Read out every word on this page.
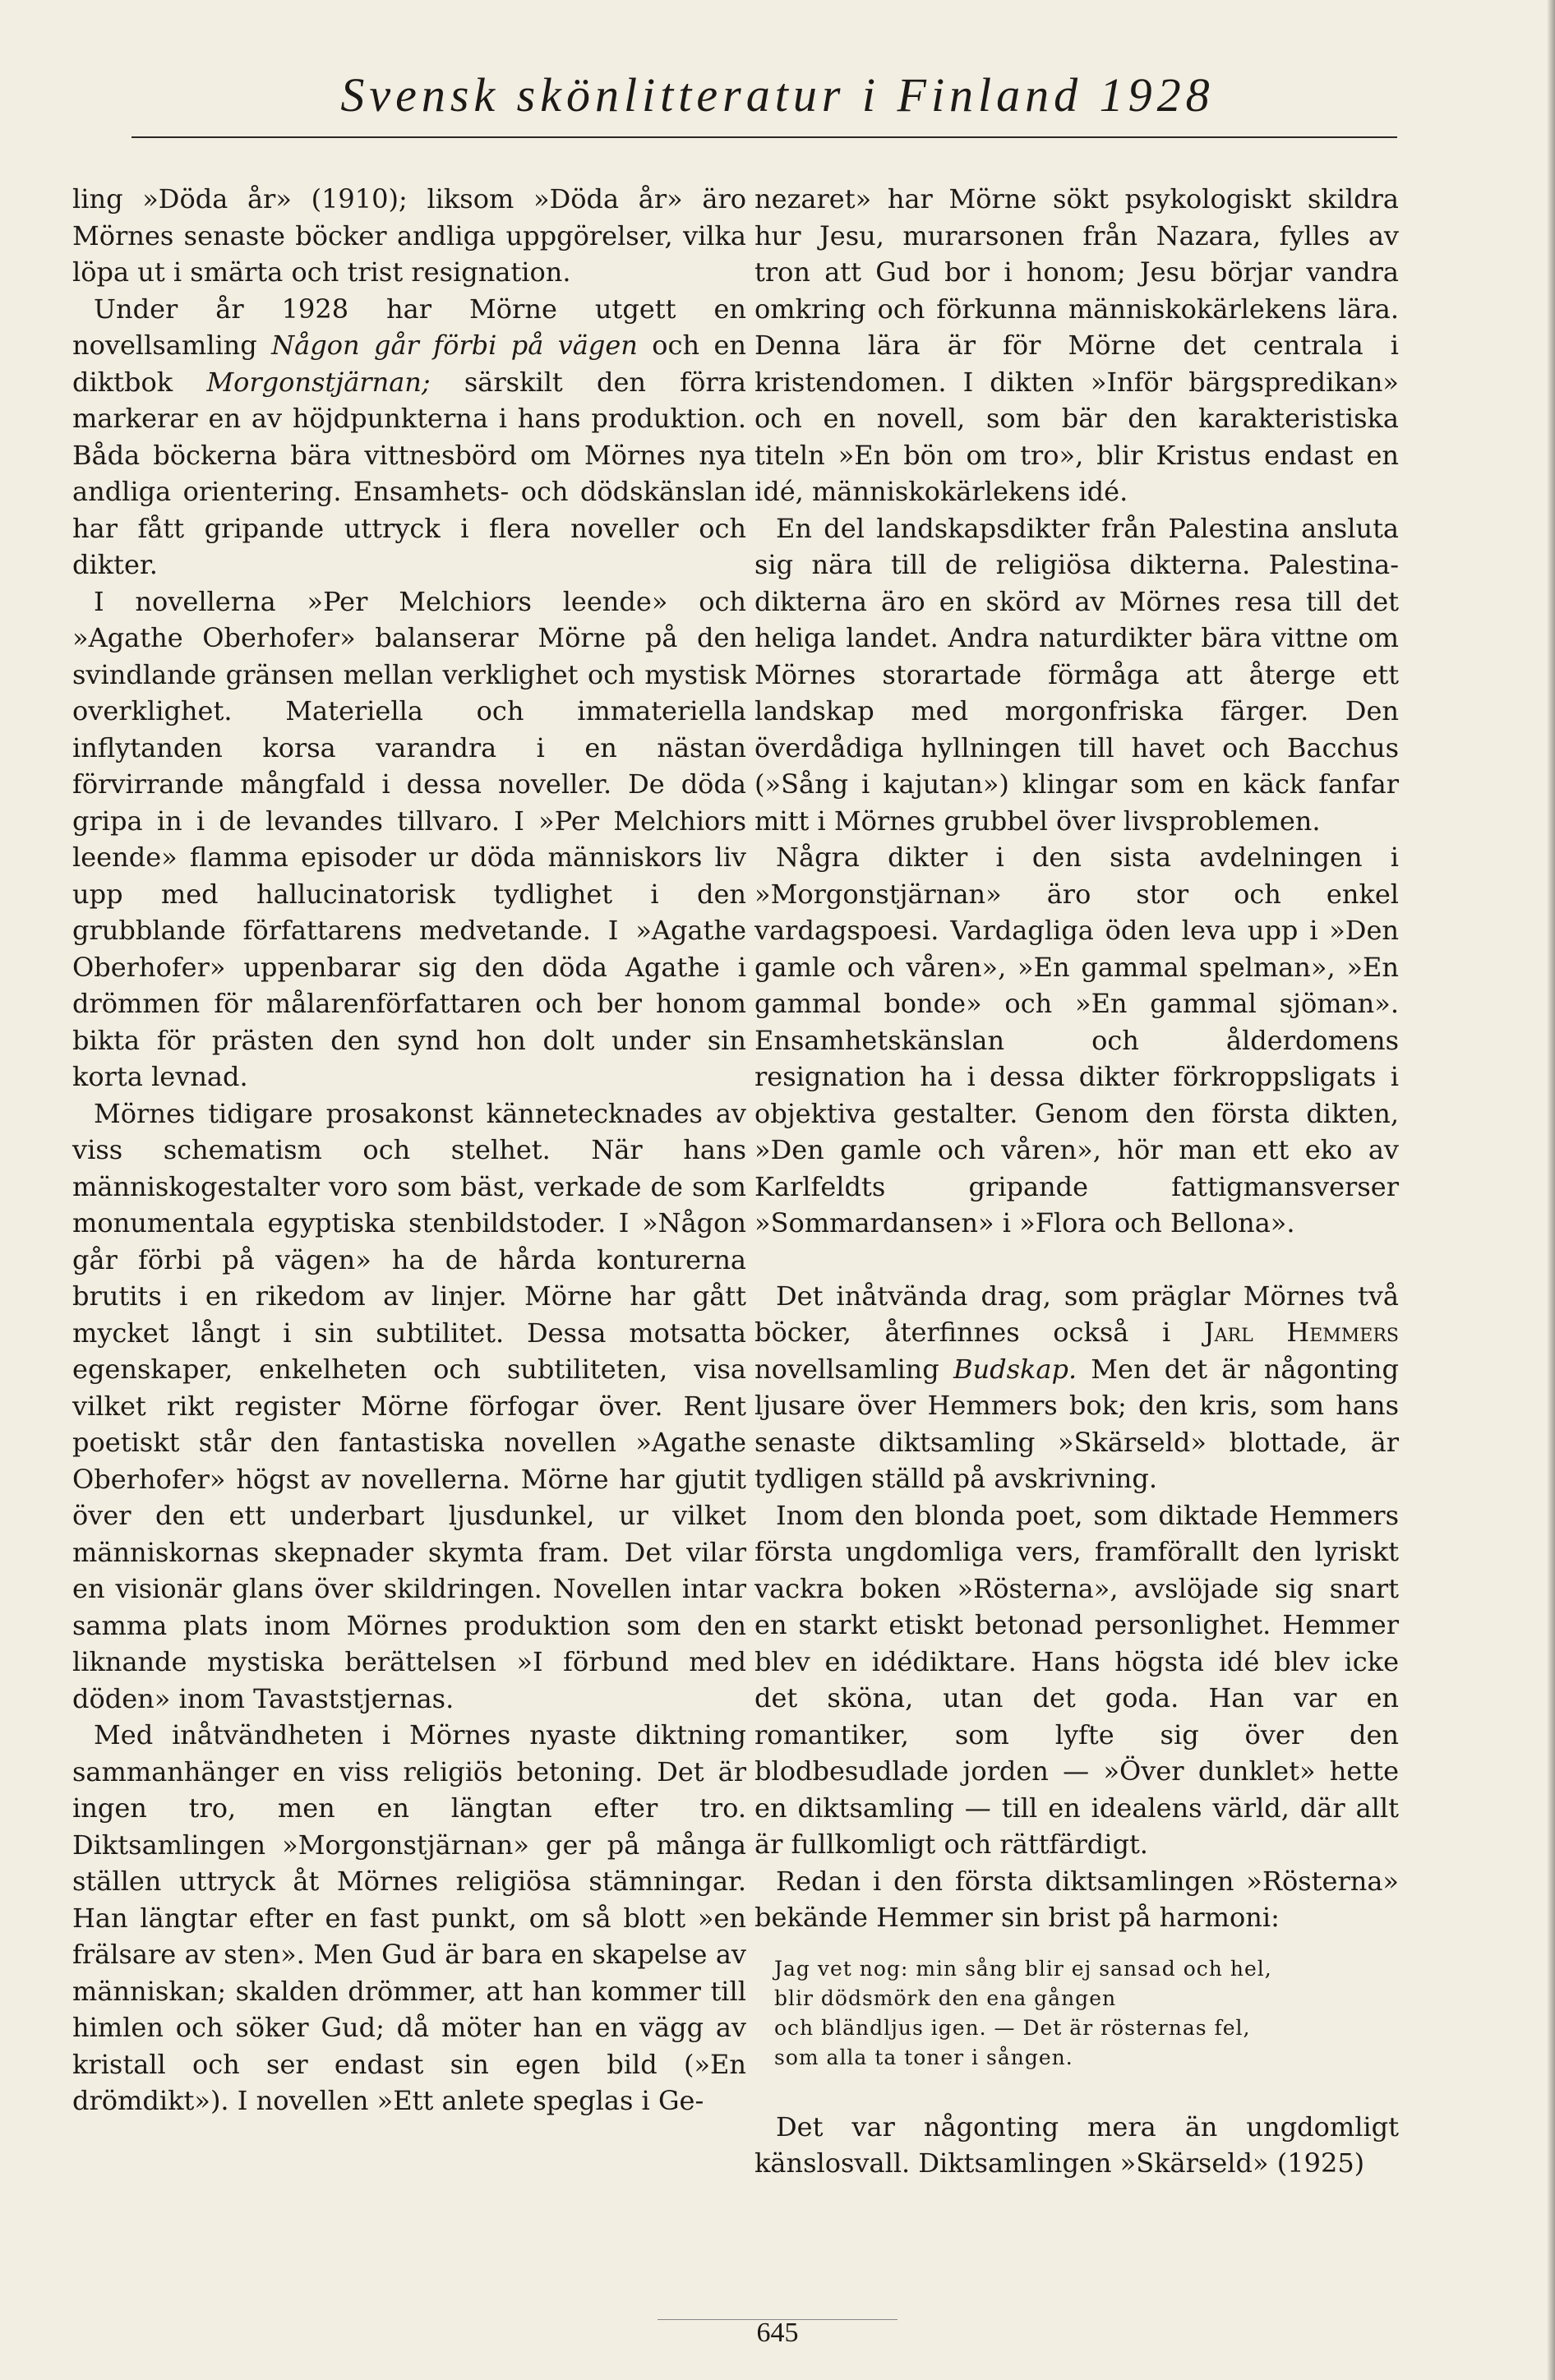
Svensk skönlitteratur i Finland 1928

ling »Döda år» (1910); liksom »Döda år» äro Mörnes senaste böcker andliga uppgörelser, vilka löpa ut i smärta och trist resignation.

Under år 1928 har Mörne utgett en novellsamling Någon går förbi på vägen och en diktbok Morgonstjärnan; särskilt den förra markerar en av höjdpunkterna i hans produktion. Båda böckerna bära vittnesbörd om Mörnes nya andliga orientering. Ensamhets- och dödskänslan har fått gripande uttryck i flera noveller och dikter.

I novellerna »Per Melchiors leende» och »Agathe Oberhofer» balanserar Mörne på den svindlande gränsen mellan verklighet och mystisk overklighet. Materiella och immateriella inflytanden korsa varandra i en nästan förvirrande mångfald i dessa noveller. De döda gripa in i de levandes tillvaro. I »Per Melchiors leende» flamma episoder ur döda människors liv upp med hallucinatorisk tydlighet i den grubblande författarens medvetande. I »Agathe Oberhofer» uppenbarar sig den döda Agathe i drömmen för målarenförfattaren och ber honom bikta för prästen den synd hon dolt under sin korta levnad.

Mörnes tidigare prosakonst kännetecknades av viss schematism och stelhet. När hans människogestalter voro som bäst, verkade de som monumentala egyptiska stenbildstoder. I »Någon går förbi på vägen» ha de hårda konturerna brutits i en rikedom av linjer. Mörne har gått mycket långt i sin subtilitet. Dessa motsatta egenskaper, enkelheten och subtiliteten, visa vilket rikt register Mörne förfogar över. Rent poetiskt står den fantastiska novellen »Agathe Oberhofer» högst av novellerna. Mörne har gjutit över den ett underbart ljusdunkel, ur vilket människornas skepnader skymta fram. Det vilar en visionär glans över skildringen. Novellen intar samma plats inom Mörnes produktion som den liknande mystiska berättelsen »I förbund med döden» inom Tavaststjernas.

Med inåtvändheten i Mörnes nyaste diktning sammanhänger en viss religiös betoning. Det är ingen tro, men en längtan efter tro. Diktsamlingen »Morgonstjärnan» ger på många ställen uttryck åt Mörnes religiösa stämningar. Han längtar efter en fast punkt, om så blott »en frälsare av sten». Men Gud är bara en skapelse av människan; skalden drömmer, att han kommer till himlen och söker Gud; då möter han en vägg av kristall och ser endast sin egen bild (»En drömdikt»). I novellen »Ett anlete speglas i Ge-

nezaret» har Mörne sökt psykologiskt skildra hur Jesu, murarsonen från Nazara, fylles av tron att Gud bor i honom; Jesu börjar vandra omkring och förkunna människokärlekens lära. Denna lära är för Mörne det centrala i kristendomen. I dikten »Inför bärgspredikan» och en novell, som bär den karakteristiska titeln »En bön om tro», blir Kristus endast en idé, människokärlekens idé.

En del landskapsdikter från Palestina ansluta sig nära till de religiösa dikterna. Palestina-dikterna äro en skörd av Mörnes resa till det heliga landet. Andra naturdikter bära vittne om Mörnes storartade förmåga att återge ett landskap med morgonfriska färger. Den överdådiga hyllningen till havet och Bacchus (»Sång i kajutan») klingar som en käck fanfar mitt i Mörnes grubbel över livsproblemen.

Några dikter i den sista avdelningen i »Morgonstjärnan» äro stor och enkel vardagspoesi. Vardagliga öden leva upp i »Den gamle och våren», »En gammal spelman», »En gammal bonde» och »En gammal sjöman». Ensamhetskänslan och ålderdomens resignation ha i dessa dikter förkroppsligats i objektiva gestalter. Genom den första dikten, »Den gamle och våren», hör man ett eko av Karlfeldts gripande fattigmansverser »Sommardansen» i »Flora och Bellona».

Det inåtvända drag, som präglar Mörnes två böcker, återfinnes också i Jarl Hemmers novellsamling Budskap. Men det är någonting ljusare över Hemmers bok; den kris, som hans senaste diktsamling »Skärseld» blottade, är tydligen ställd på avskrivning.

Inom den blonda poet, som diktade Hemmers första ungdomliga vers, framförallt den lyriskt vackra boken »Rösterna», avslöjade sig snart en starkt etiskt betonad personlighet. Hemmer blev en idédiktare. Hans högsta idé blev icke det sköna, utan det goda. Han var en romantiker, som lyfte sig över den blodbesudlade jorden — »Över dunklet» hette en diktsamling — till en idealens värld, där allt är fullkomligt och rättfärdigt.

Redan i den första diktsamlingen »Rösterna» bekände Hemmer sin brist på harmoni:

Jag vet nog: min sång blir ej sansad och hel,
blir dödsmörk den ena gången
och bländljus igen. — Det är rösternas fel,
som alla ta toner i sången.

Det var någonting mera än ungdomligt känslosvall. Diktsamlingen »Skärseld» (1925)

645
